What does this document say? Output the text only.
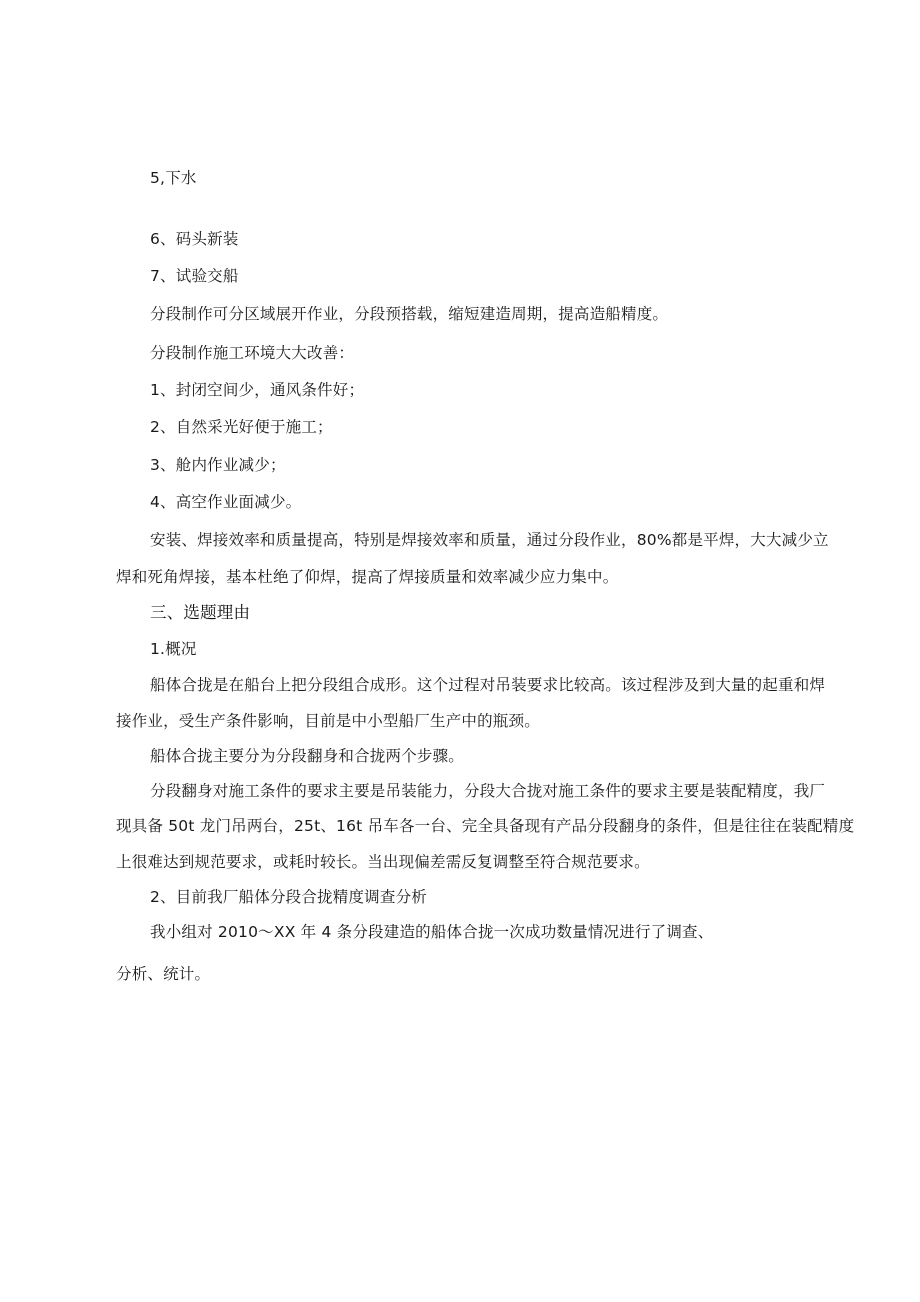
5,下水

6、码头新装

7、试验交船

分段制作可分区域展开作业，分段预搭载，缩短建造周期，提高造船精度。

分段制作施工环境大大改善：

1、封闭空间少，通风条件好；

2、自然采光好便于施工；

3、舱内作业减少；

4、高空作业面减少。

安装、焊接效率和质量提高，特别是焊接效率和质量，通过分段作业，80%都是平焊，大大减少立

焊和死角焊接，基本杜绝了仰焊，提高了焊接质量和效率减少应力集中。

三、选题理由

1.概况

船体合拢是在船台上把分段组合成形。这个过程对吊装要求比较高。该过程涉及到大量的起重和焊

接作业，受生产条件影响，目前是中小型船厂生产中的瓶颈。

船体合拢主要分为分段翻身和合拢两个步骤。

分段翻身对施工条件的要求主要是吊装能力，分段大合拢对施工条件的要求主要是装配精度，我厂

现具备 50t 龙门吊两台，25t、16t 吊车各一台、完全具备现有产品分段翻身的条件，但是往往在装配精度

上很难达到规范要求，或耗时较长。当出现偏差需反复调整至符合规范要求。

2、目前我厂船体分段合拢精度调查分析

我小组对 2010～XX 年 4 条分段建造的船体合拢一次成功数量情况进行了调查、

分析、统计。
